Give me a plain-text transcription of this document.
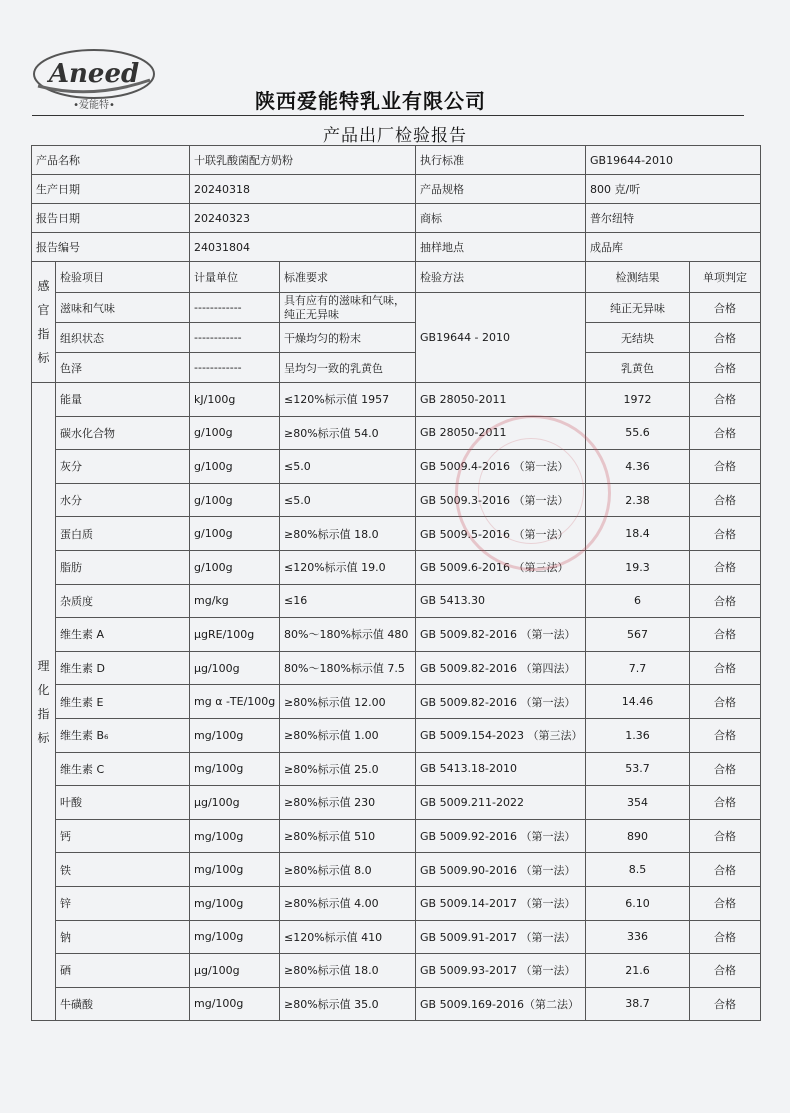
Aneed
•爱能特•	陕西爱能特乳业有限公司
产品出厂检验报告
产品名称		十联乳酸菌配方奶粉		执行标准	GB19644-2010	
生产日期		20240318		产品规格	800 克/听	
报告日期		20240323		商标	普尔纽特	
报告编号		24031804		抽样地点	成品库	
感官指标	检验项目	计量单位	标准要求	检验方法	检测结果	单项判定
	滋味和气味	------------	具有应有的滋味和气味，纯正无异味	GB19644 - 2010	纯正无异味	合格
	组织状态	------------	干燥均匀的粉末		无结块	合格
	色泽	------------	呈均匀一致的乳黄色		乳黄色	合格
理化指标	能量	kJ/100g	≤120%标示值 1957	GB 28050-2011	1972	合格
	碳水化合物	g/100g	≥80%标示值 54.0	GB 28050-2011	55.6	合格
	灰分	g/100g	≤5.0	GB 5009.4-2016 （第一法）	4.36	合格
	水分	g/100g	≤5.0	GB 5009.3-2016 （第一法）	2.38	合格
	蛋白质	g/100g	≥80%标示值 18.0	GB 5009.5-2016 （第一法）	18.4	合格
	脂肪	g/100g	≤120%标示值 19.0	GB 5009.6-2016 （第三法）	19.3	合格
	杂质度	mg/kg	≤16	GB 5413.30	6	合格
	维生素 A	μgRE/100g	80%～180%标示值 480	GB 5009.82-2016 （第一法）	567	合格
	维生素 D	μg/100g	80%～180%标示值 7.5	GB 5009.82-2016 （第四法）	7.7	合格
	维生素 E	mg α -TE/100g	≥80%标示值 12.00	GB 5009.82-2016 （第一法）	14.46	合格
	维生素 B₆	mg/100g	≥80%标示值 1.00	GB 5009.154-2023 （第三法）	1.36	合格
	维生素 C	mg/100g	≥80%标示值 25.0	GB 5413.18-2010	53.7	合格
	叶酸	μg/100g	≥80%标示值 230	GB 5009.211-2022	354	合格
	钙	mg/100g	≥80%标示值 510	GB 5009.92-2016 （第一法）	890	合格
	铁	mg/100g	≥80%标示值 8.0	GB 5009.90-2016 （第一法）	8.5	合格
	锌	mg/100g	≥80%标示值 4.00	GB 5009.14-2017 （第一法）	6.10	合格
	钠	mg/100g	≤120%标示值 410	GB 5009.91-2017 （第一法）	336	合格
	硒	μg/100g	≥80%标示值 18.0	GB 5009.93-2017 （第一法）	21.6	合格
	牛磺酸	mg/100g	≥80%标示值 35.0	GB 5009.169-2016（第二法）	38.7	合格
